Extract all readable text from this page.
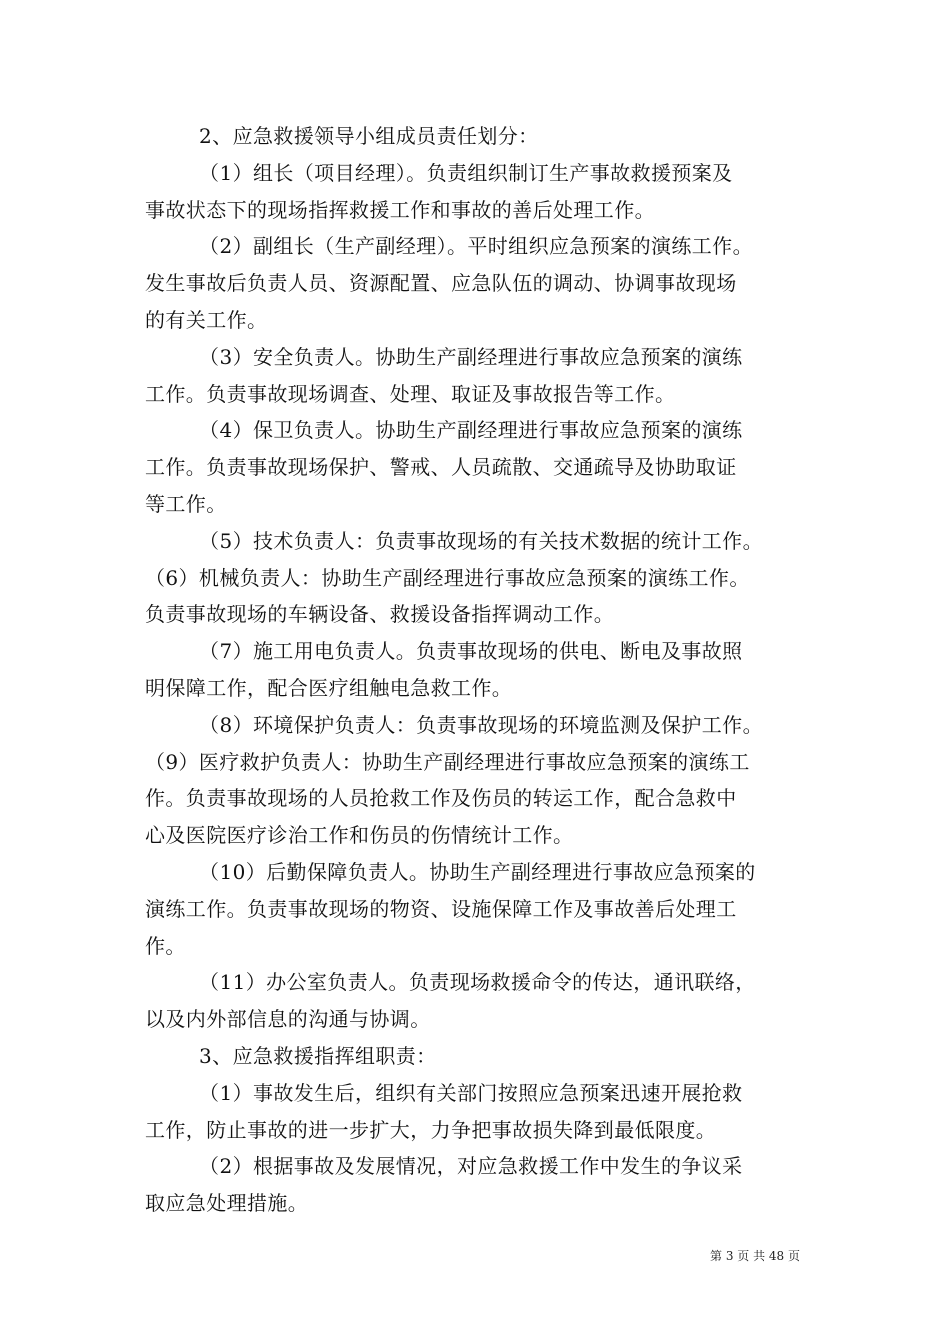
2、应急救援领导小组成员责任划分：
（1）组长（项目经理）。负责组织制订生产事故救援预案及
事故状态下的现场指挥救援工作和事故的善后处理工作。
（2）副组长（生产副经理）。平时组织应急预案的演练工作。
发生事故后负责人员、资源配置、应急队伍的调动、协调事故现场
的有关工作。
（3）安全负责人。协助生产副经理进行事故应急预案的演练
工作。负责事故现场调查、处理、取证及事故报告等工作。
（4）保卫负责人。协助生产副经理进行事故应急预案的演练
工作。负责事故现场保护、警戒、人员疏散、交通疏导及协助取证
等工作。
（5）技术负责人：负责事故现场的有关技术数据的统计工作。
（6）机械负责人：协助生产副经理进行事故应急预案的演练工作。
负责事故现场的车辆设备、救援设备指挥调动工作。
（7）施工用电负责人。负责事故现场的供电、断电及事故照
明保障工作，配合医疗组触电急救工作。
（8）环境保护负责人：负责事故现场的环境监测及保护工作。
（9）医疗救护负责人：协助生产副经理进行事故应急预案的演练工
作。负责事故现场的人员抢救工作及伤员的转运工作，配合急救中
心及医院医疗诊治工作和伤员的伤情统计工作。
（10）后勤保障负责人。协助生产副经理进行事故应急预案的
演练工作。负责事故现场的物资、设施保障工作及事故善后处理工
作。
（11）办公室负责人。负责现场救援命令的传达，通讯联络，
以及内外部信息的沟通与协调。
3、应急救援指挥组职责：
（1）事故发生后，组织有关部门按照应急预案迅速开展抢救
工作，防止事故的进一步扩大，力争把事故损失降到最低限度。
（2）根据事故及发展情况，对应急救援工作中发生的争议采
取应急处理措施。
第 3 页 共 48 页
